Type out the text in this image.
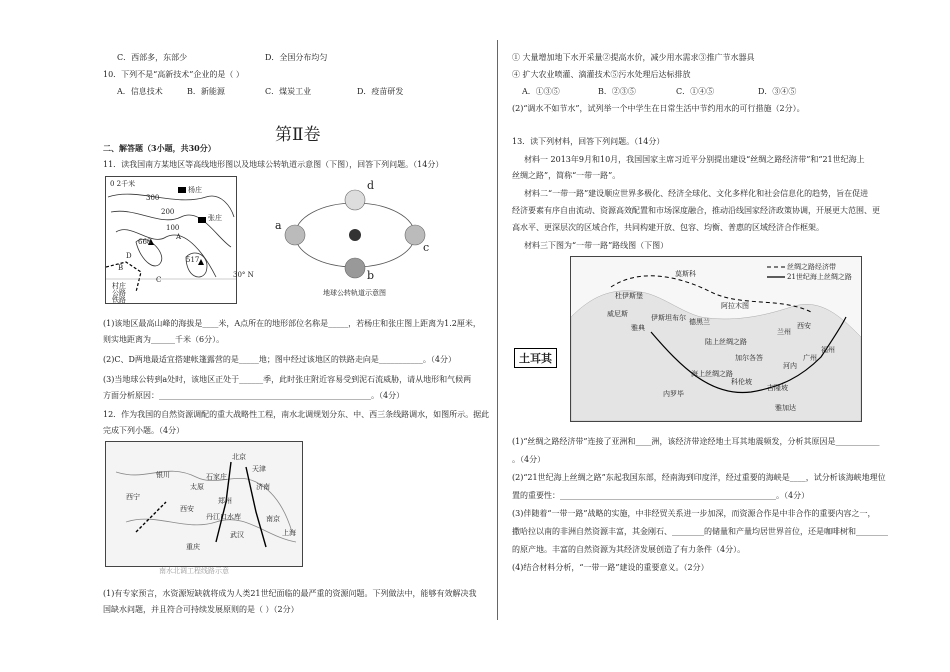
C．西部多，东部少	D．全国分布均匀
10．下列不是“高新技术”企业的是（ ）
A．信息技术	B．新能源	C．煤炭工业	D．疫苗研发
第Ⅱ卷
二、解答题（3小题，共30分）
11．读我国南方某地区等高线地形图以及地球公转轨道示意图（下图），回答下列问题。（14分）
0 2千米
300
200
100
杨庄
张庄
A
D
B
C
668
517
村庄
公路
铁路
30° N
d
a
c
b
地球公转轨道示意图
(1)该地区最高山峰的海拔是____米，A点所在的地形部位名称是_____，若杨庄和张庄图上距离为1.2厘米，
则实地距离为______千米（6分）。
(2)C、D两地最适宜搭建帐篷露营的是_____地；图中经过该地区的铁路走向是___________。（4分）
(3)当地球公转到a处时，该地区正处于______季，此时张庄附近容易受到泥石流威胁，请从地形和气候两
方面分析原因：_____________________________________________________。（4分）
12．作为我国的自然资源调配的重大战略性工程，南水北调规划分东、中、西三条线路调水，如图所示。据此
完成下列小题。（4分）
北京
天津
石家庄
太原
郑州
济南
南京
上海
银川
西安
丹江口水库
重庆
武汉
西宁
南水北调工程线路示意
(1)有专家预言，水资源短缺就将成为人类21世纪面临的最严重的资源问题。下列做法中，能够有效解决我
国缺水问题，并且符合可持续发展原则的是（ ）（2分）
① 大量增加地下水开采量②提高水价，减少用水需求③推广节水器具
④ 扩大农业喷灌、滴灌技术⑤污水处理后达标排放
A．①③⑤	B．②③⑤	C．①④⑤	D．③④⑤
(2)“调水不如节水”，试列举一个中学生在日常生活中节约用水的可行措施（2分）。
13．读下列材料，回答下列问题。（14分）
材料一 2013年9月和10月，我国国家主席习近平分别提出建设“丝绸之路经济带”和“21世纪海上
丝绸之路”，简称“一带一路”。
材料二“一带一路”建设顺应世界多极化、经济全球化、文化多样化和社会信息化的趋势，旨在促进
经济要素有序自由流动、资源高效配置和市场深度融合，推动沿线国家经济政策协调，开展更大范围、更
高水平、更深层次的区域合作，共同构建开放、包容、均衡、普惠的区域经济合作框架。
材料三下图为“一带一路”路线图（下图）
丝绸之路经济带
21世纪海上丝绸之路
莫斯科
杜伊斯堡
威尼斯
雅典
伊斯坦布尔 德黑兰
阿拉木图
兰州
西安
福州
广州
加尔各答
科伦坡
吉隆坡
雅加达
内罗毕
河内
陆上丝绸之路
海上丝绸之路
土耳其
(1)“丝绸之路经济带”连接了亚洲和____洲，该经济带途经地土耳其地震频发，分析其原因是___________
。（4分）
(2)“21世纪海上丝绸之路”东起我国东部，经南海到印度洋，经过重要的海峡是____，试分析该海峡地理位
置的重要性：______________________________________________________。（4分）
(3)伴随着“一带一路”战略的实施，中非经贸关系进一步加深，而资源合作是中非合作的重要内容之一，
撒哈拉以南的非洲自然资源丰富，其金刚石、________的储量和产量均居世界首位，还是咖啡树和________
的原产地。丰富的自然资源为其经济发展创造了有力条件（4分）。
(4)结合材料分析，“一带一路”建设的重要意义。（2分）
